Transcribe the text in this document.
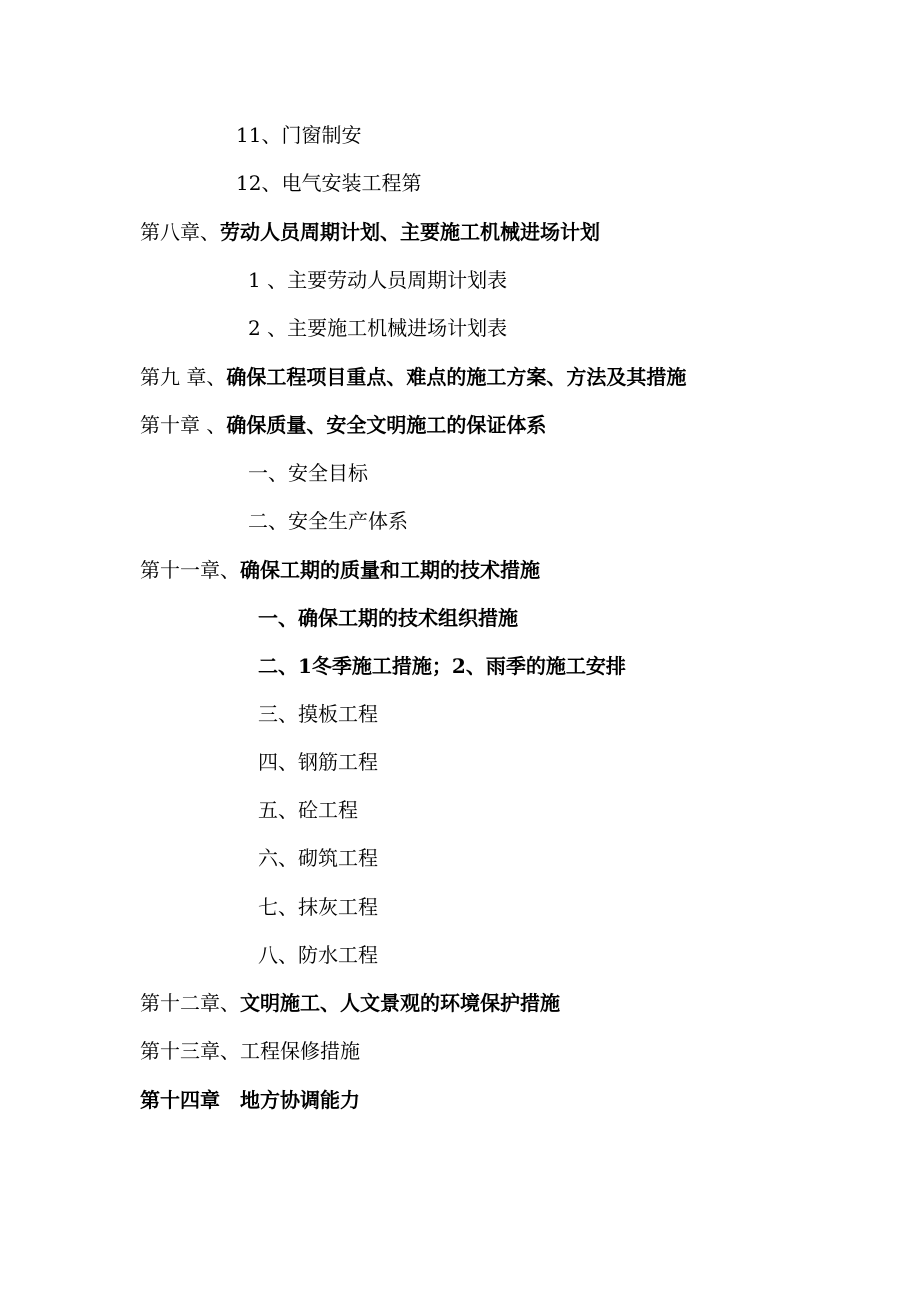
11、门窗制安
12、电气安装工程第
第八章、劳动人员周期计划、主要施工机械进场计划
1 、主要劳动人员周期计划表
2 、主要施工机械进场计划表
第九 章、确保工程项目重点、难点的施工方案、方法及其措施
第十章 、确保质量、安全文明施工的保证体系
一、安全目标
二、安全生产体系
第十一章、确保工期的质量和工期的技术措施
一、确保工期的技术组织措施
二、1冬季施工措施；2、雨季的施工安排
三、摸板工程
四、钢筋工程
五、砼工程
六、砌筑工程
七、抹灰工程
八、防水工程
第十二章、文明施工、人文景观的环境保护措施
第十三章、工程保修措施
第十四章　地方协调能力
